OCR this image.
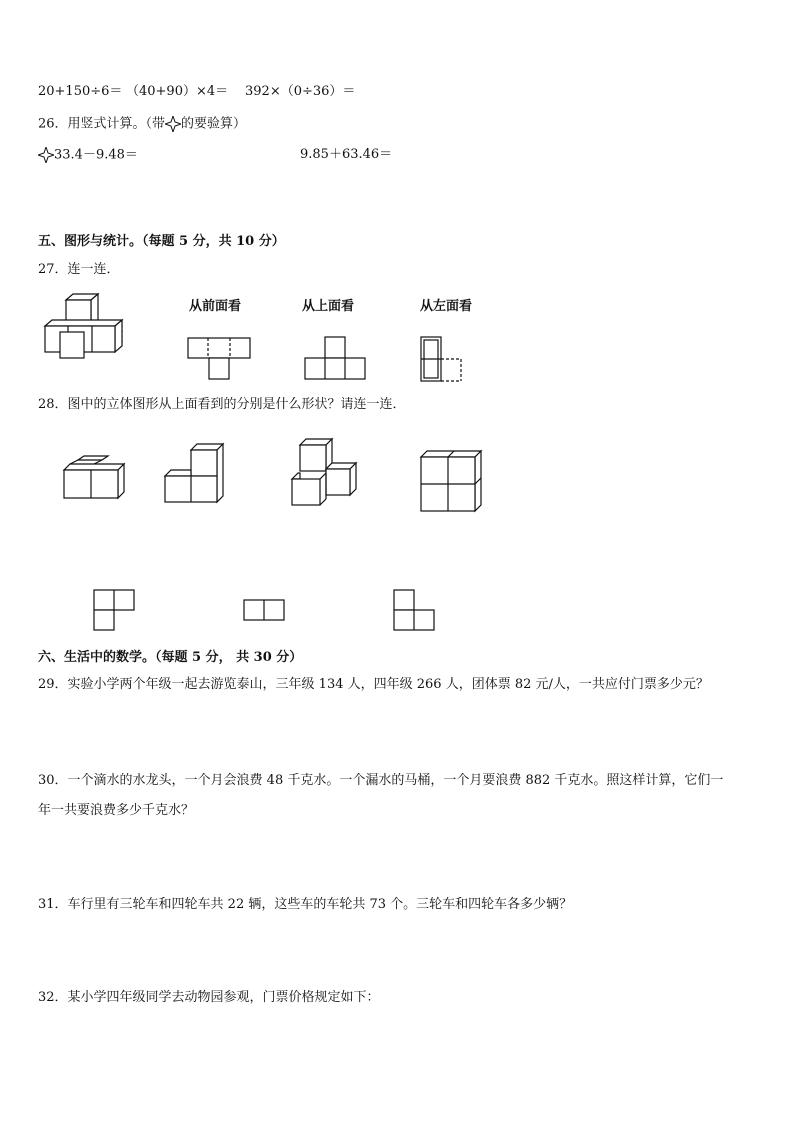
20+150÷6＝ （40+90）×4＝ 392×（0÷36）＝
26．用竖式计算。（带 的要验算）
33.4－9.48＝	9.85＋63.46＝
五、图形与统计。（每题 5 分，共 10 分）
27．连一连．
从前面看	从上面看	从左面看
28．图中的立体图形从上面看到的分别是什么形状？请连一连．
六、生活中的数学。（每题 5 分， 共 30 分）
29．实验小学两个年级一起去游览泰山，三年级 134 人，四年级 266 人，团体票 82 元/人，一共应付门票多少元？
30．一个滴水的水龙头，一个月会浪费 48 千克水。一个漏水的马桶，一个月要浪费 882 千克水。照这样计算，它们一
年一共要浪费多少千克水？
31．车行里有三轮车和四轮车共 22 辆，这些车的车轮共 73 个。三轮车和四轮车各多少辆？
32．某小学四年级同学去动物园参观，门票价格规定如下：
